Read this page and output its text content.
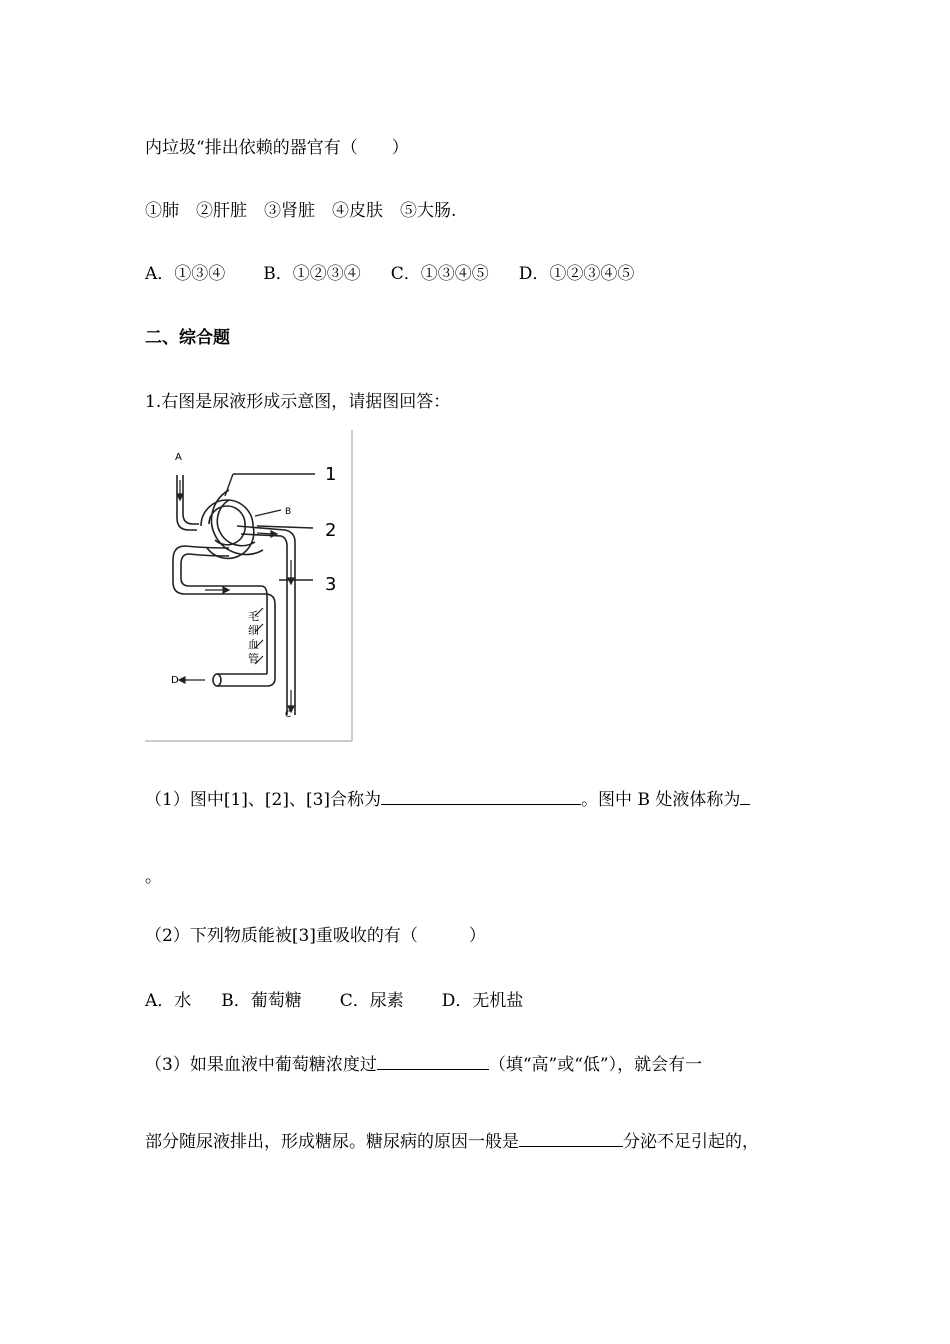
内垃圾“排出依赖的器官有（　　）
①肺　②肝脏　③肾脏　④皮肤　⑤大肠.
A．①③④ B．①②③④ C．①③④⑤ D．①②③④⑤
二、综合题
1.右图是尿液形成示意图，请据图回答：
1
2
3
A
B
C
D
毛
细
血
管
（1）图中[1]、[2]、[3]合称为	。图中 B 处液体称为
。
（2）下列物质能被[3]重吸收的有（　　　）
A．水 B．葡萄糖 C．尿素 D．无机盐
（3）如果血液中葡萄糖浓度过	（填“高”或“低”），就会有一
部分随尿液排出，形成糖尿。糖尿病的原因一般是	分泌不足引起的，
